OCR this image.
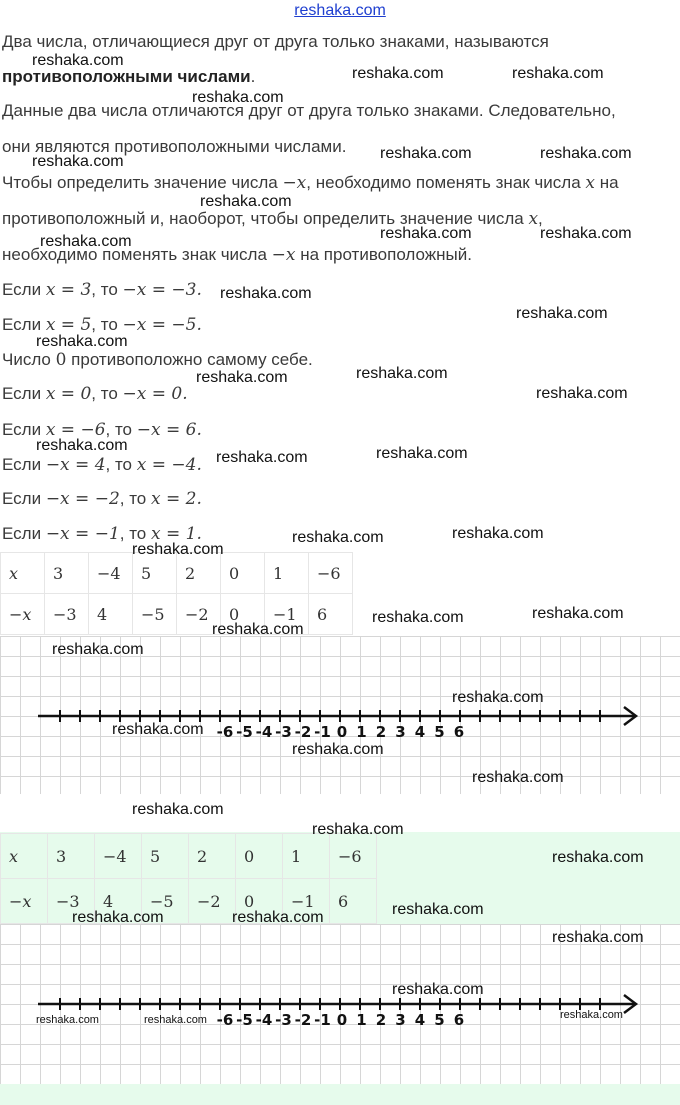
reshaka.com
Два числа, отличающиеся друг от друга только знаками, называются
противоположными числами.
Данные два числа отличаются друг от друга только знаками. Следовательно,
они являются противоположными числами.
Чтобы определить значение числа −x, необходимо поменять знак числа x на
противоположный и, наоборот, чтобы определить значение числа x,
необходимо поменять знак числа −x на противоположный.
Если x = 3, то −x = −3.
Если x = 5, то −x = −5.
Число 0 противоположно самому себе.
Если x = 0, то −x = 0.
Если x = −6, то −x = 6.
Если −x = 4, то x = −4.
Если −x = −2, то x = 2.
Если −x = −1, то x = 1.
x	3	−4	5	2	0	1	−6
−x	−3	4	−5	−2	0	−1	6
-6 -5 -4 -3 -2 -1 0 1 2 3 4 5 6
x	3	−4	5	2	0	1	−6
−x	−3	4	−5	−2	0	−1	6
-6 -5 -4 -3 -2 -1 0 1 2 3 4 5 6
reshaka.com
reshaka.com	reshaka.com
reshaka.com
reshaka.com	reshaka.com
reshaka.com
reshaka.com
reshaka.com	reshaka.com
reshaka.com
reshaka.com
reshaka.com
reshaka.com
reshaka.com	reshaka.com
reshaka.com
reshaka.com
reshaka.com	reshaka.com
reshaka.com	reshaka.com
reshaka.com
reshaka.com	reshaka.com
reshaka.com
reshaka.com
reshaka.com
reshaka.com
reshaka.com
reshaka.com
reshaka.com
reshaka.com
reshaka.com
reshaka.com
reshaka.com	reshaka.com
reshaka.com
reshaka.com
reshaka.com	reshaka.com	reshaka.com
